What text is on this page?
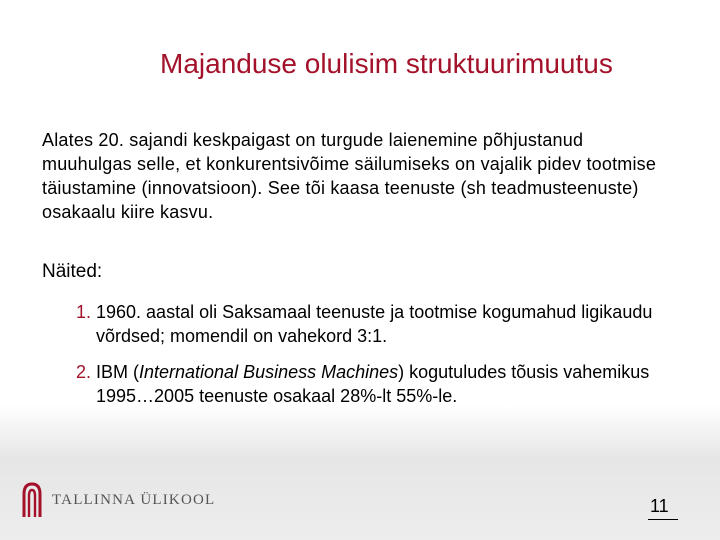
Majanduse olulisim struktuurimuutus
Alates 20. sajandi keskpaigast on turgude laienemine põhjustanud muuhulgas selle, et konkurentsivõime säilumiseks on vajalik pidev tootmise täiustamine (innovatsioon). See tõi kaasa teenuste (sh teadmusteenuste) osakaalu kiire kasvu.
Näited:
1. 1960. aastal oli Saksamaal teenuste ja tootmise kogumahud ligikaudu võrdsed; momendil on vahekord 3:1.
2. IBM (International Business Machines) kogutuludes tõusis vahemikus 1995…2005 teenuste osakaal 28%-lt 55%-le.
TALLINNA ÜLIKOOL	11
